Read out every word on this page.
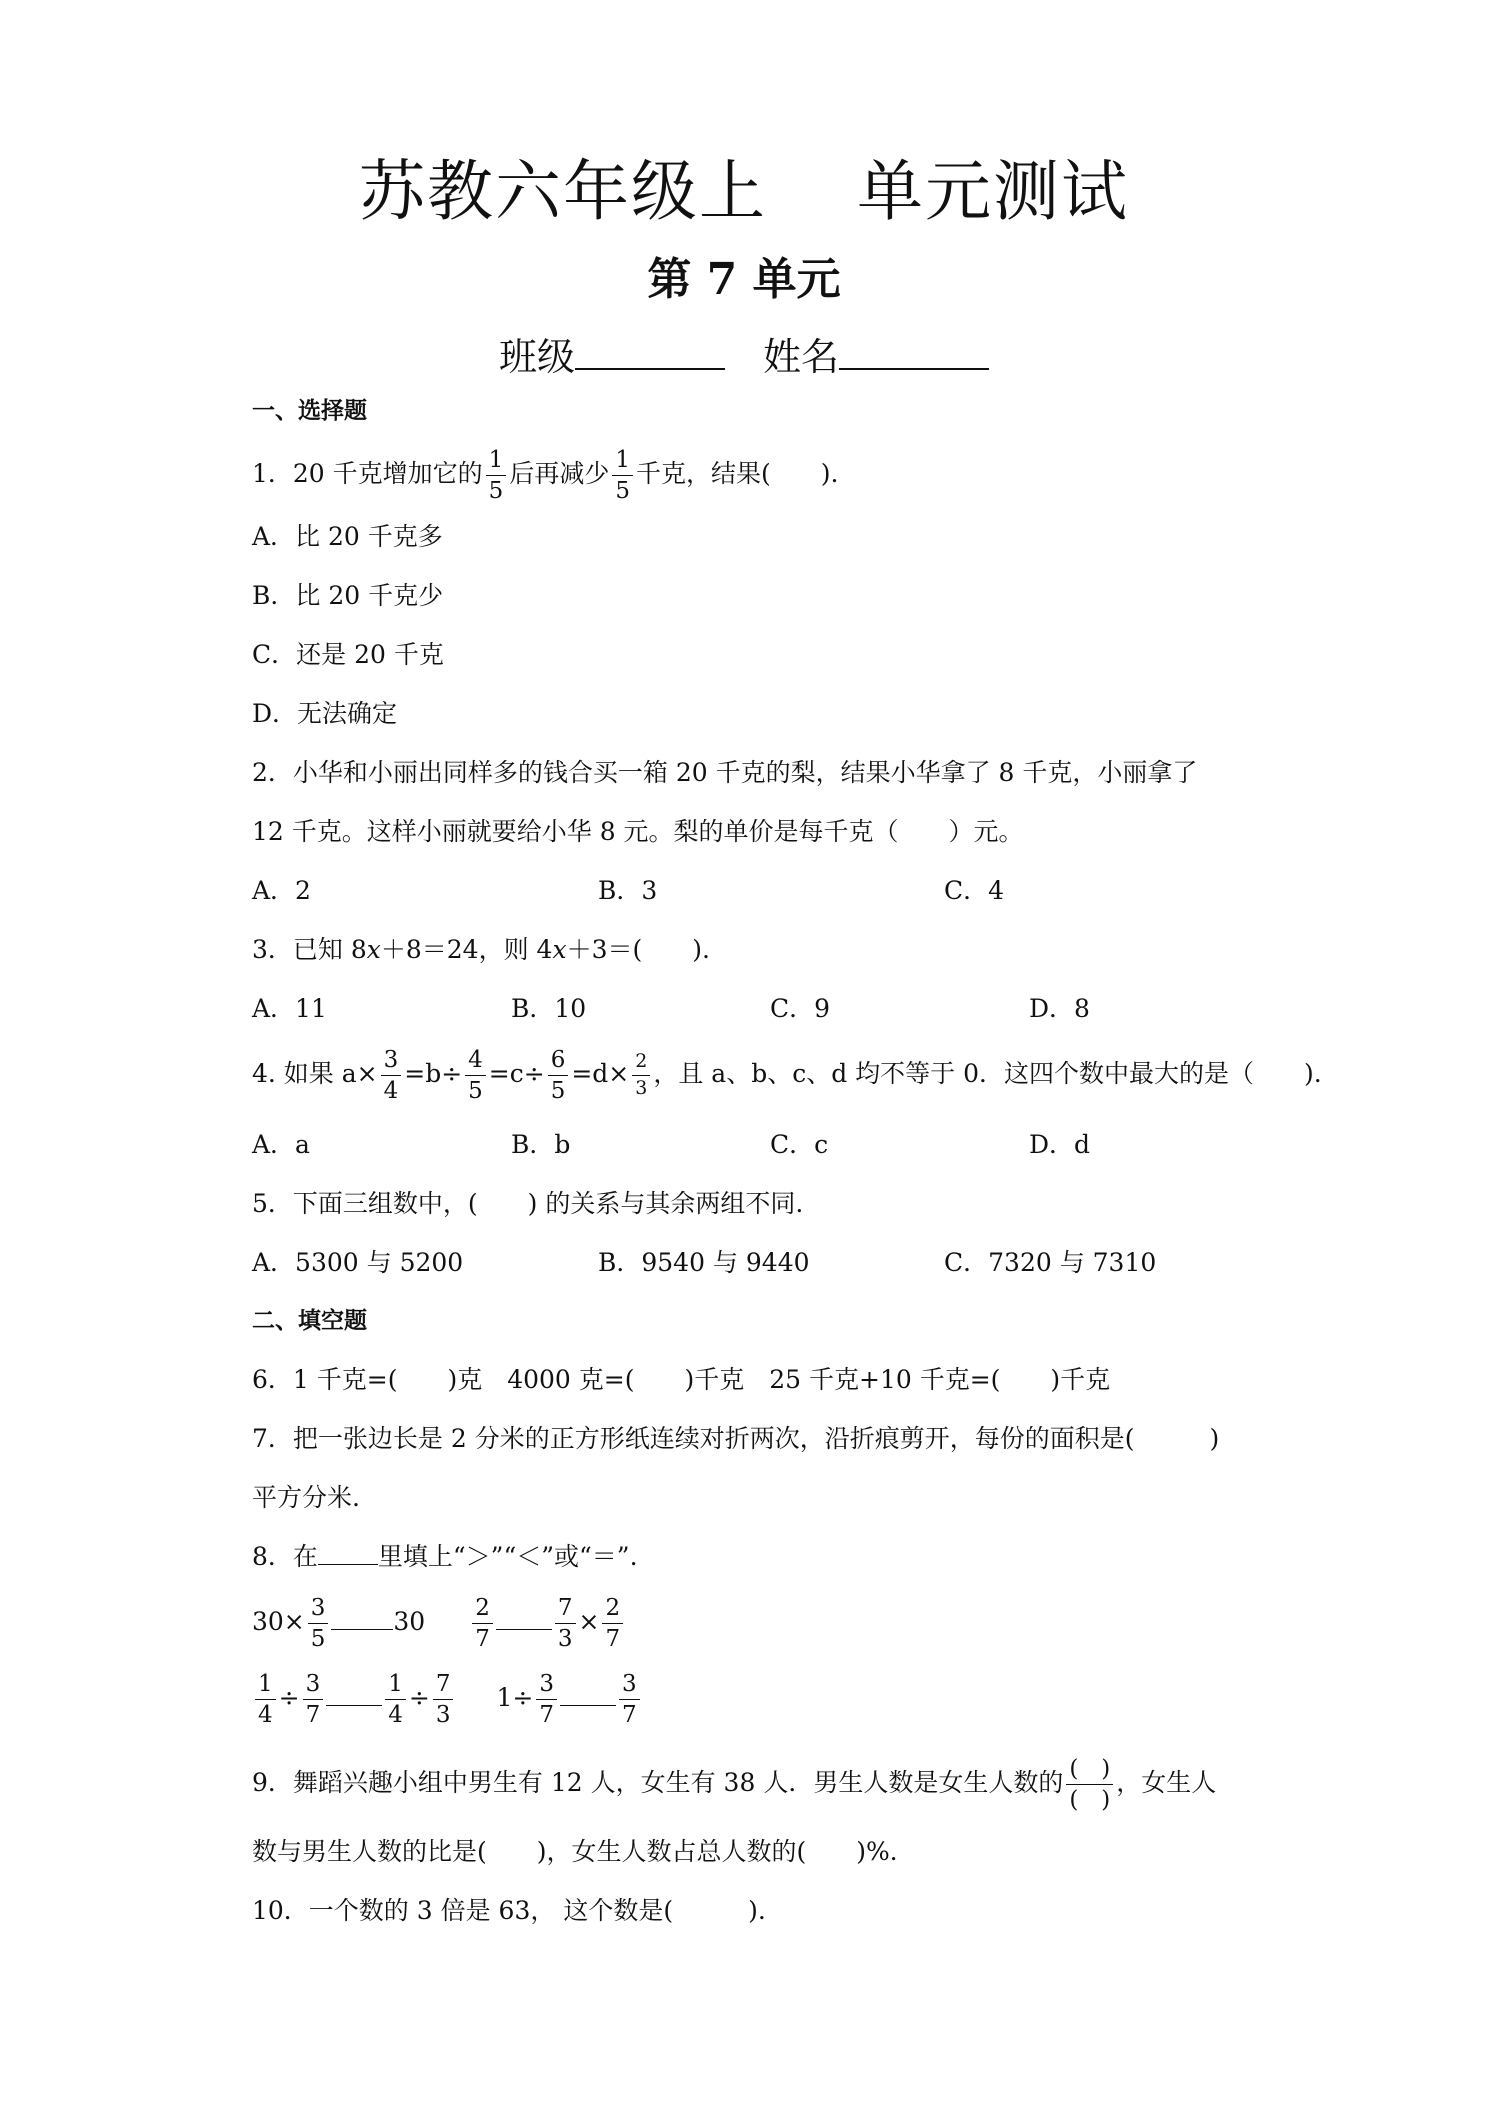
苏教六年级上 单元测试
第 7 单元
班级	姓名
一、选择题
1．20 千克增加它的 $\frac{1}{5}$ 后再减少 $\frac{1}{5}$ 千克，结果(　　).
A．比 20 千克多
B．比 20 千克少
C．还是 20 千克
D．无法确定
2．小华和小丽出同样多的钱合买一箱 20 千克的梨，结果小华拿了 8 千克，小丽拿了
12 千克。这样小丽就要给小华 8 元。梨的单价是每千克（　　）元。
A．2	B．3	C．4
3．已知 8x＋8＝24，则 4x＋3＝(　　).
A．11	B．10	C．9	D．8
4. 如果 $a\times \frac{3}{4} =b\div \frac{4}{5} =c\div \frac{6}{5} =d\times \frac{2}{3}$ ，且 a、b、c、d 均不等于 0．这四个数中最大的是（　　).
A．a	B．b	C．c	D．d
5．下面三组数中，(　　) 的关系与其余两组不同.
A．5300 与 5200	B．9540 与 9440	C．7320 与 7310
二、填空题
6．1 千克=(　　)克　4000 克=(　　)千克　25 千克+10 千克=(　　)千克
7．把一张边长是 2 分米的正方形纸连续对折两次，沿折痕剪开，每份的面积是(　　　)
平方分米.
8．在 里填上“＞”“＜”或“＝”.
$30\times \frac{3}{5}$	$30 \frac{2}{7}$	$\frac{7}{3} \times \frac{2}{7}$
$\frac{1}{4} \div \frac{3}{7}$	$\frac{1}{4} \div \frac{7}{3} 1\div \frac{3}{7}$	$\frac{3}{7}$
9．舞蹈兴趣小组中男生有 12 人，女生有 38 人．男生人数是女生人数的 $\frac{( )}{( )}$ ，女生人
数与男生人数的比是(　　)，女生人数占总人数的(　　)%．
10．一个数的 3 倍是 63， 这个数是(　　　).
